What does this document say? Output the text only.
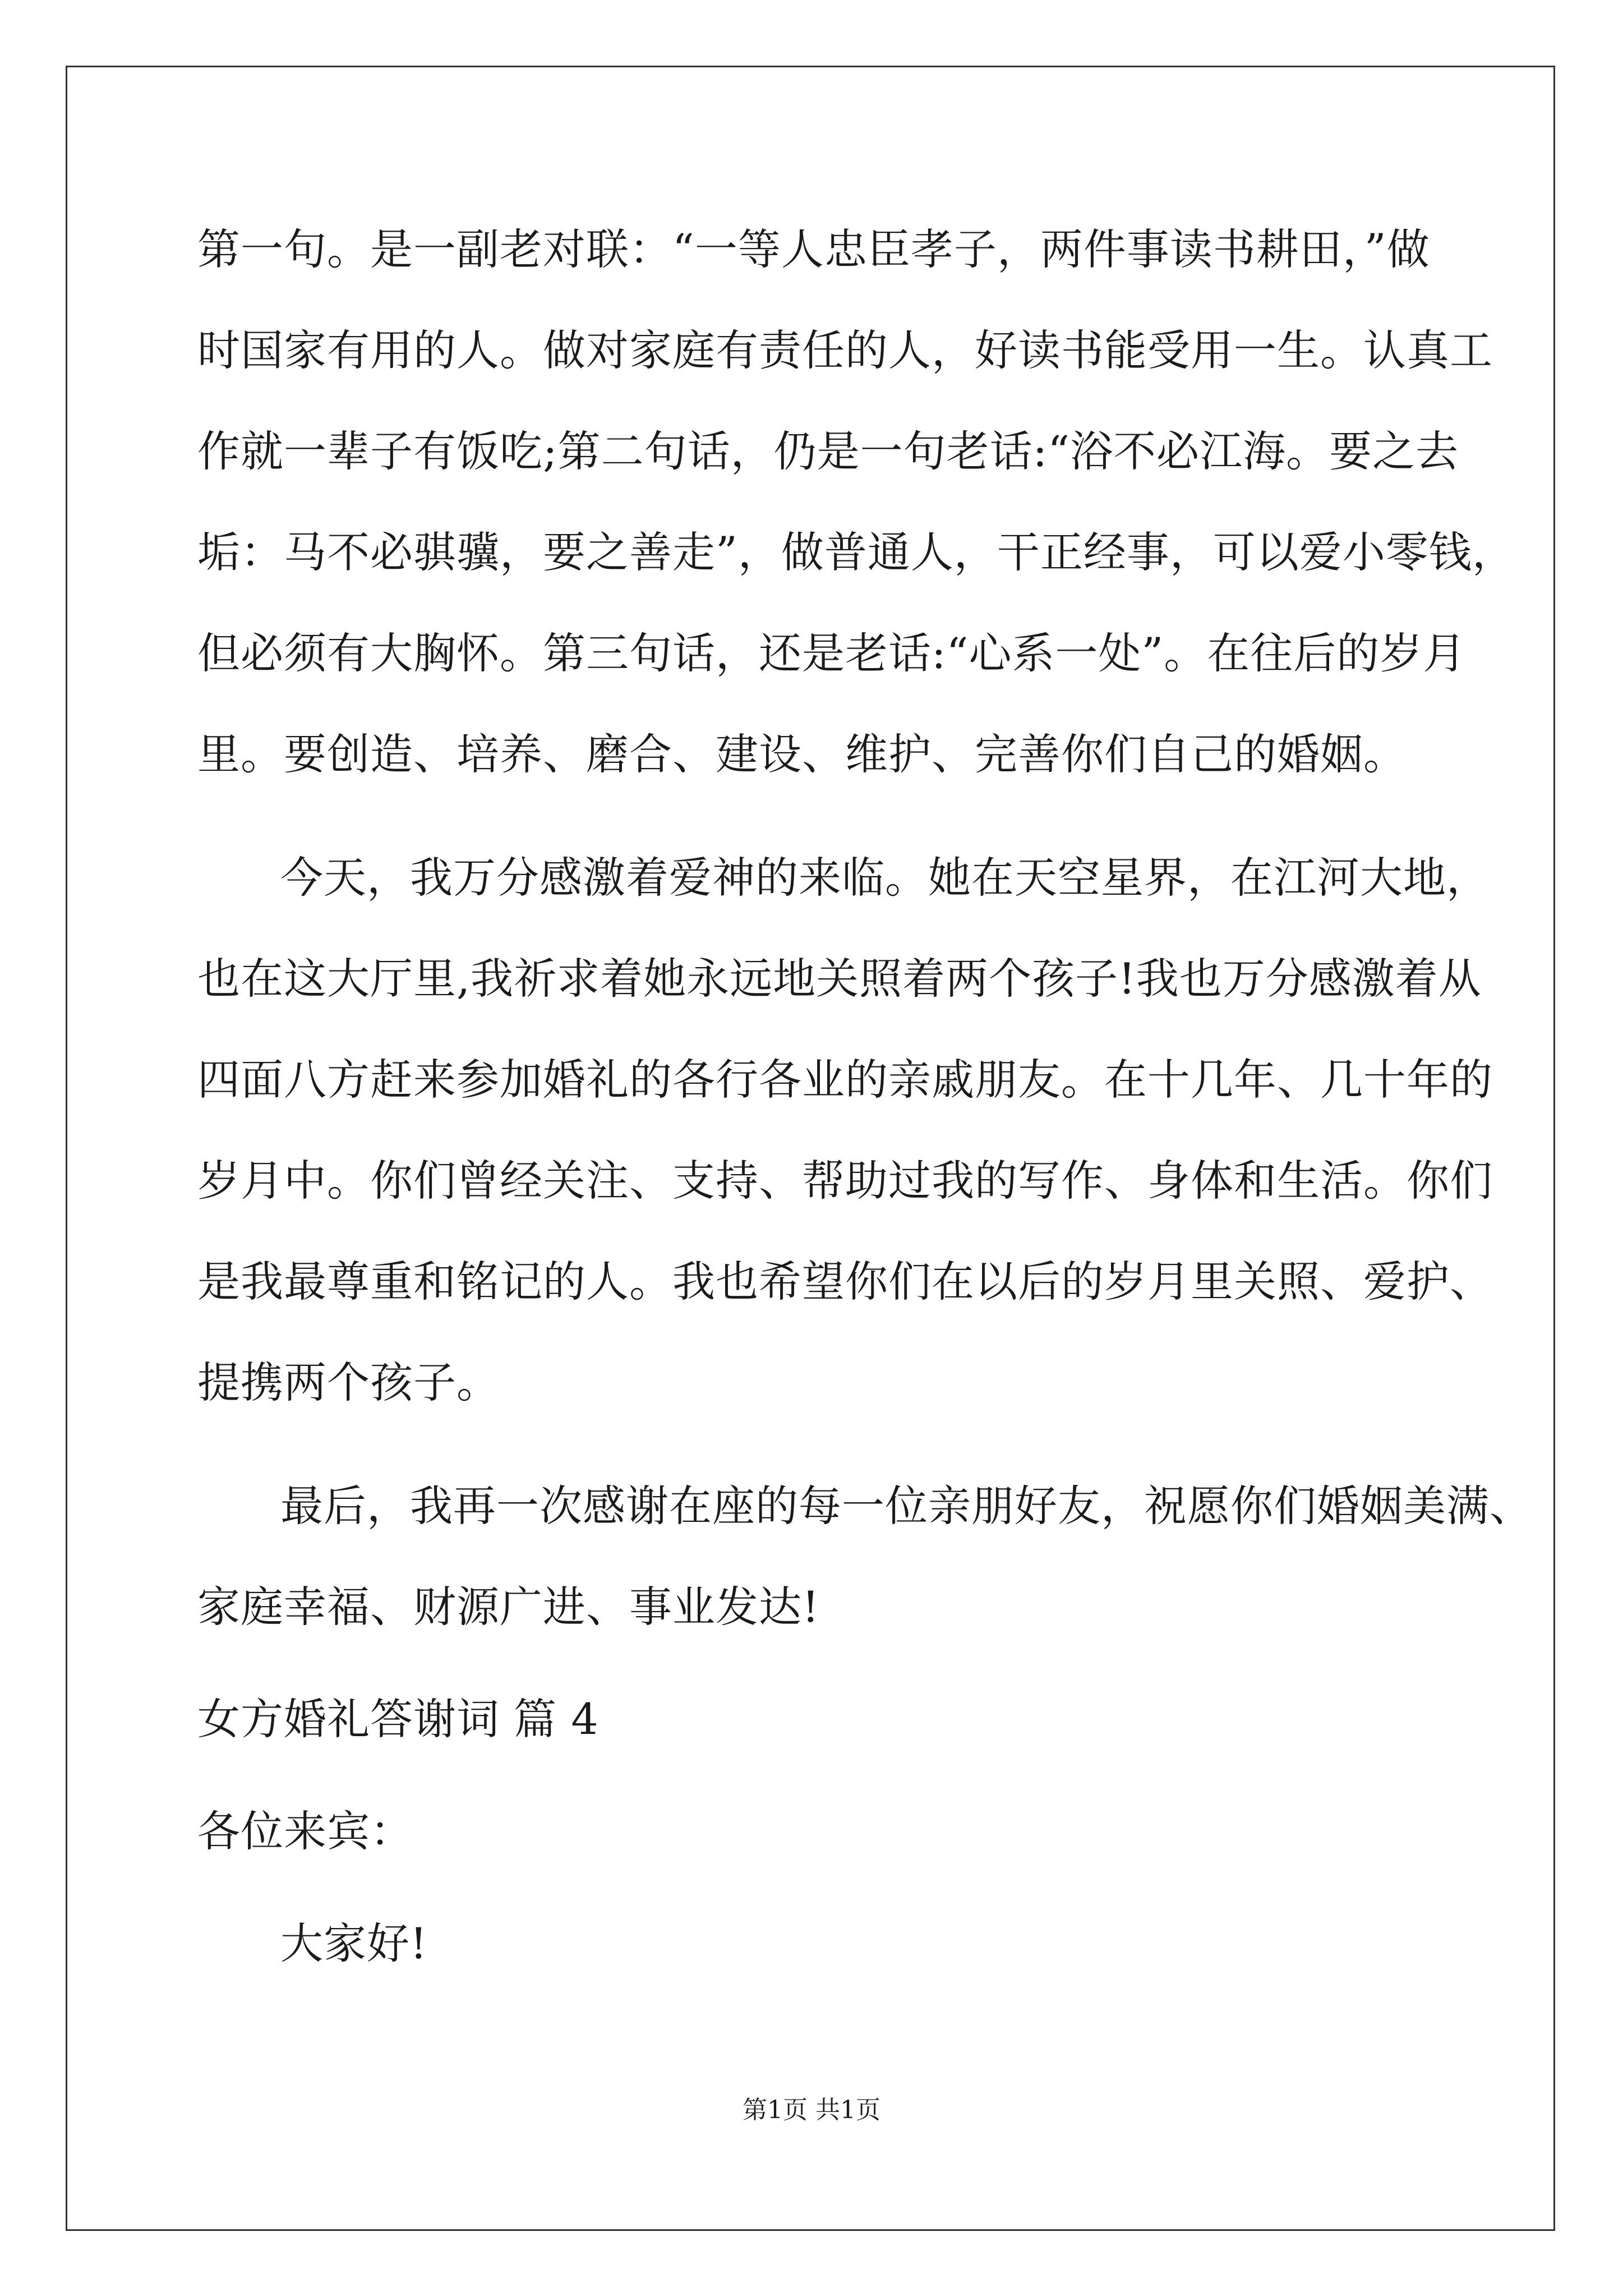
第一句。是一副老对联：“一等人忠臣孝子，两件事读书耕田，”做
时国家有用的人。做对家庭有责任的人，好读书能受用一生。认真工
作就一辈子有饭吃;第二句话，仍是一句老话:“浴不必江海。要之去
垢：马不必骐骥，要之善走”，做普通人，干正经事，可以爱小零钱，
但必须有大胸怀。第三句话，还是老话:“心系一处”。在往后的岁月
里。要创造、培养、磨合、建设、维护、完善你们自己的婚姻。
今天，我万分感激着爱神的来临。她在天空星界，在江河大地，
也在这大厅里,我祈求着她永远地关照着两个孩子!我也万分感激着从
四面八方赶来参加婚礼的各行各业的亲戚朋友。在十几年、几十年的
岁月中。你们曾经关注、支持、帮助过我的写作、身体和生活。你们
是我最尊重和铭记的人。我也希望你们在以后的岁月里关照、爱护、
提携两个孩子。
最后，我再一次感谢在座的每一位亲朋好友，祝愿你们婚姻美满、
家庭幸福、财源广进、事业发达!
女方婚礼答谢词 篇 4
各位来宾：
大家好!
第1页 共1页
